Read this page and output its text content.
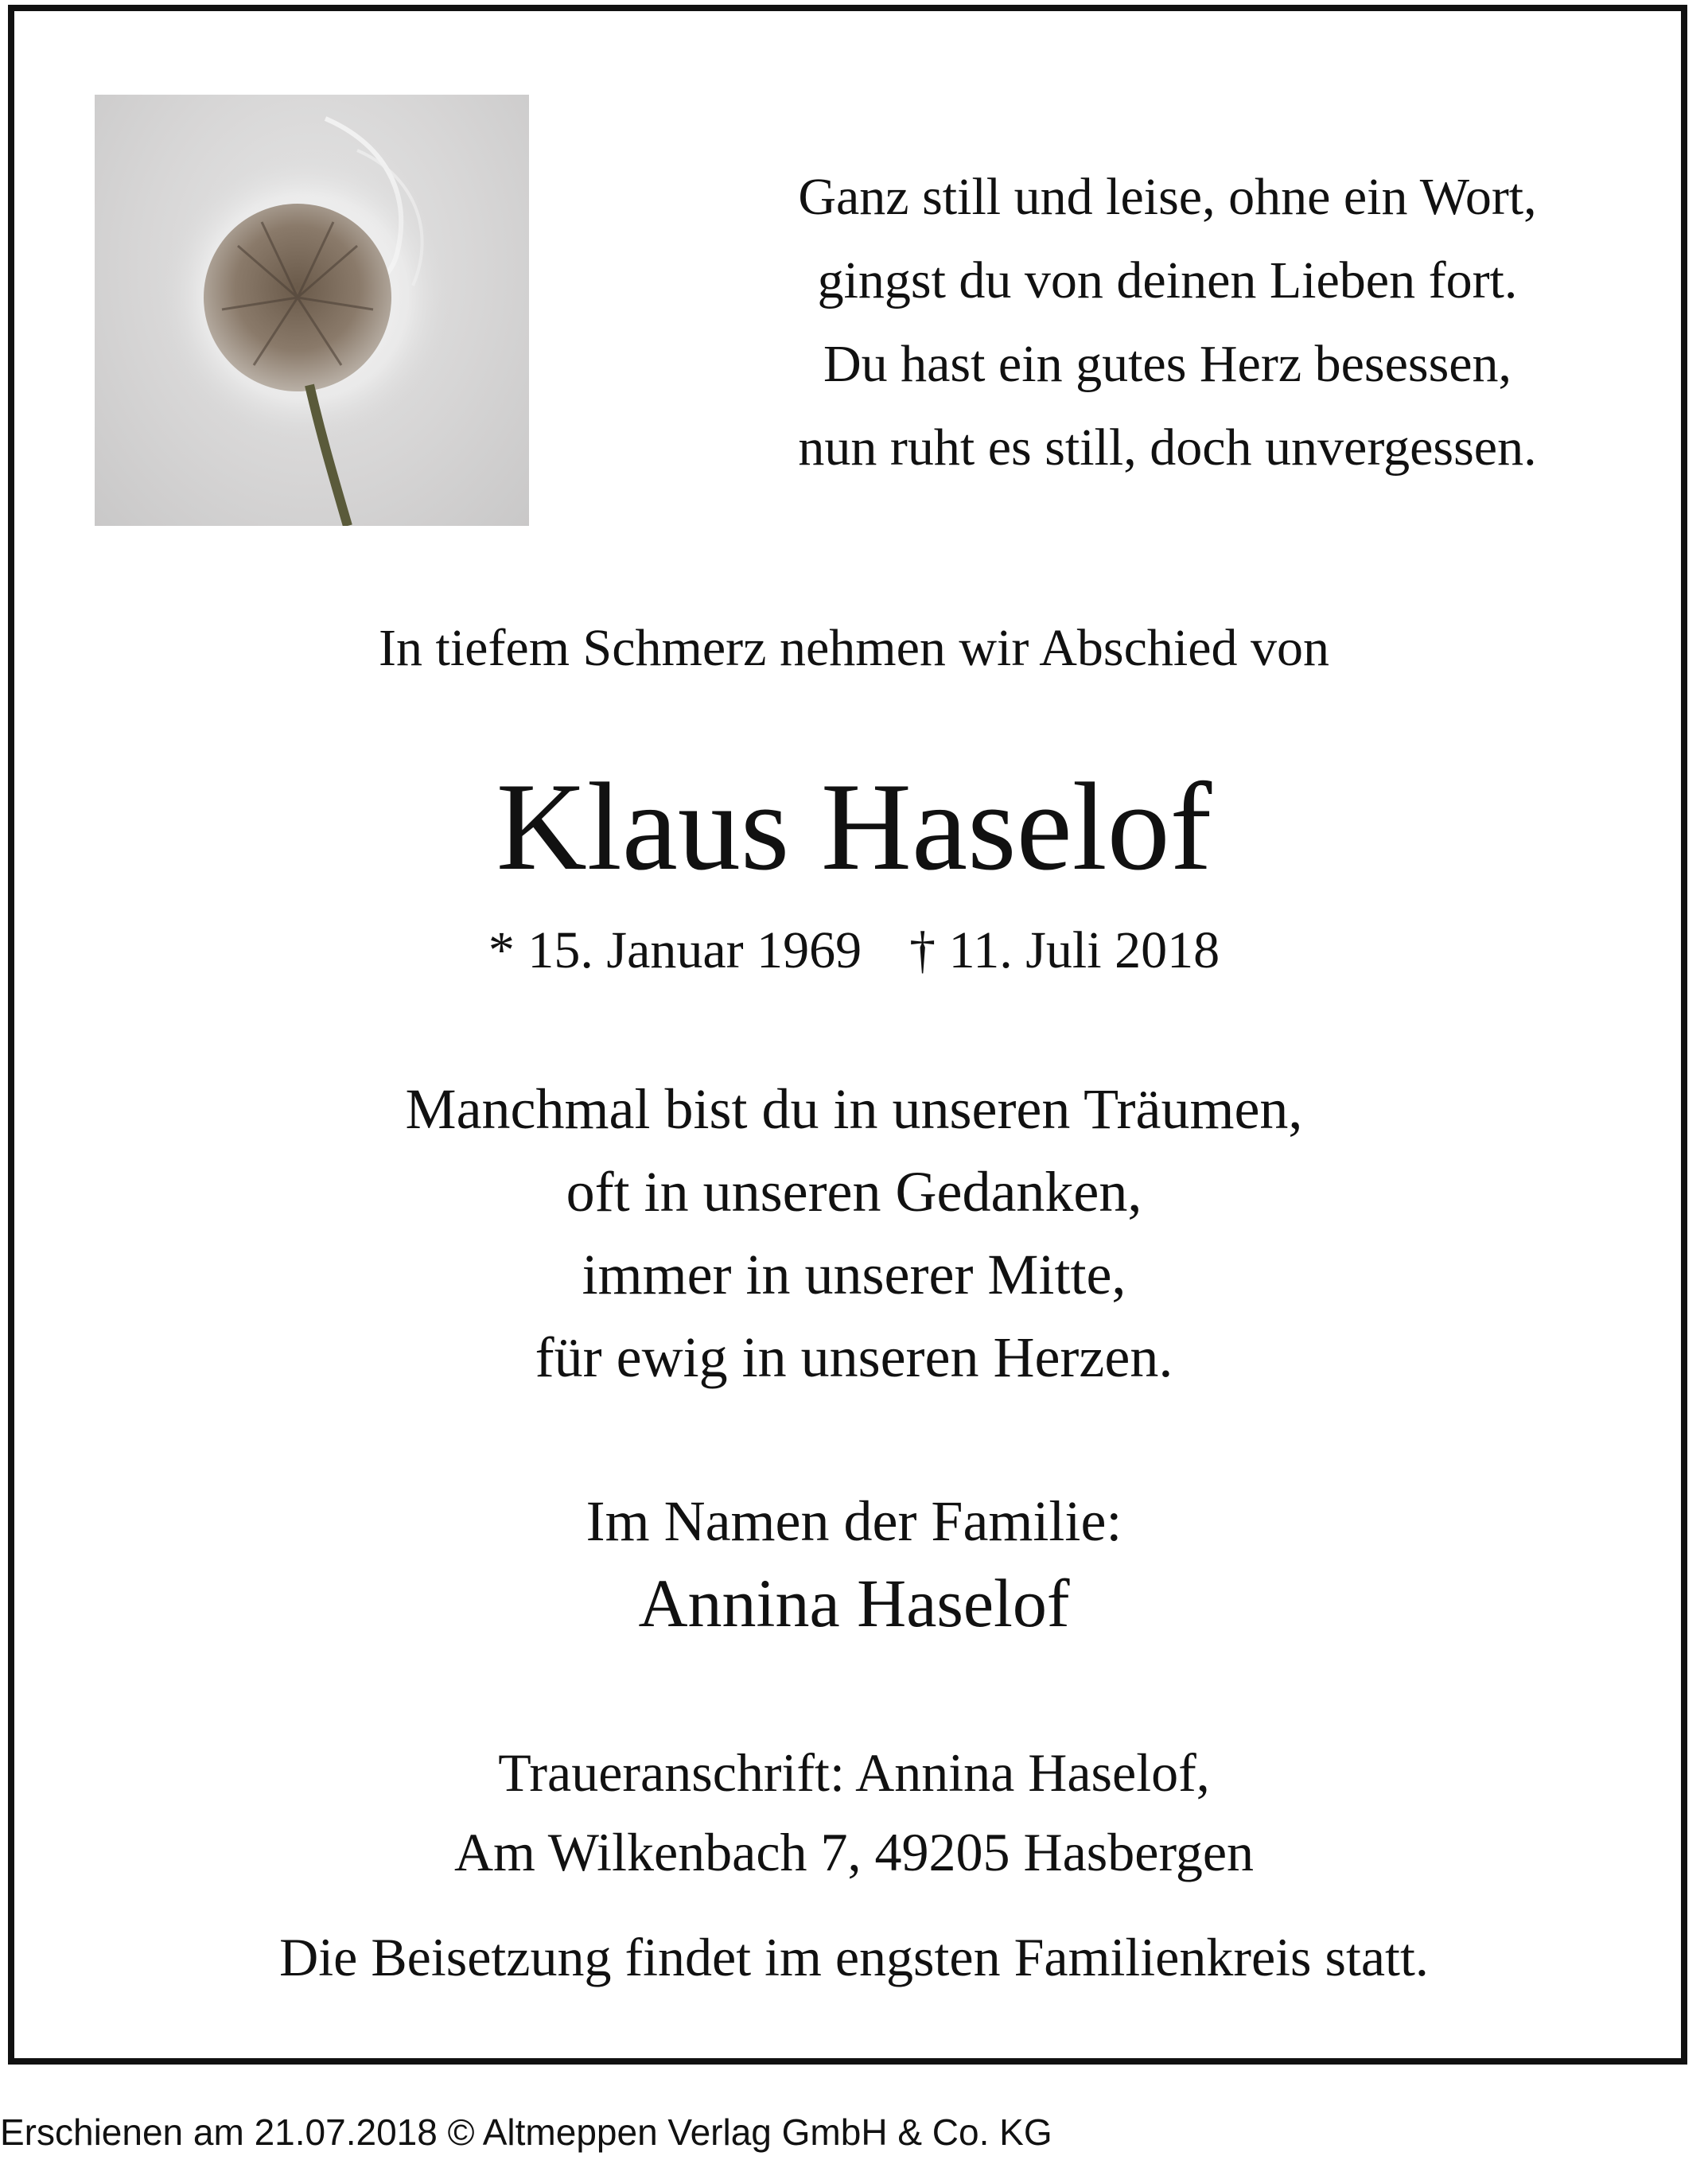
Ganz still und leise, ohne ein Wort,
gingst du von deinen Lieben fort.
Du hast ein gutes Herz besessen,
nun ruht es still, doch unvergessen.
In tiefem Schmerz nehmen wir Abschied von
Klaus Haselof
* 15. Januar 1969 † 11. Juli 2018
Manchmal bist du in unseren Träumen,
oft in unseren Gedanken,
immer in unserer Mitte,
für ewig in unseren Herzen.
Im Namen der Familie:
Annina Haselof
Traueranschrift: Annina Haselof,
Am Wilkenbach 7, 49205 Hasbergen
Die Beisetzung findet im engsten Familienkreis statt.
Erschienen am 21.07.2018 © Altmeppen Verlag GmbH & Co. KG
